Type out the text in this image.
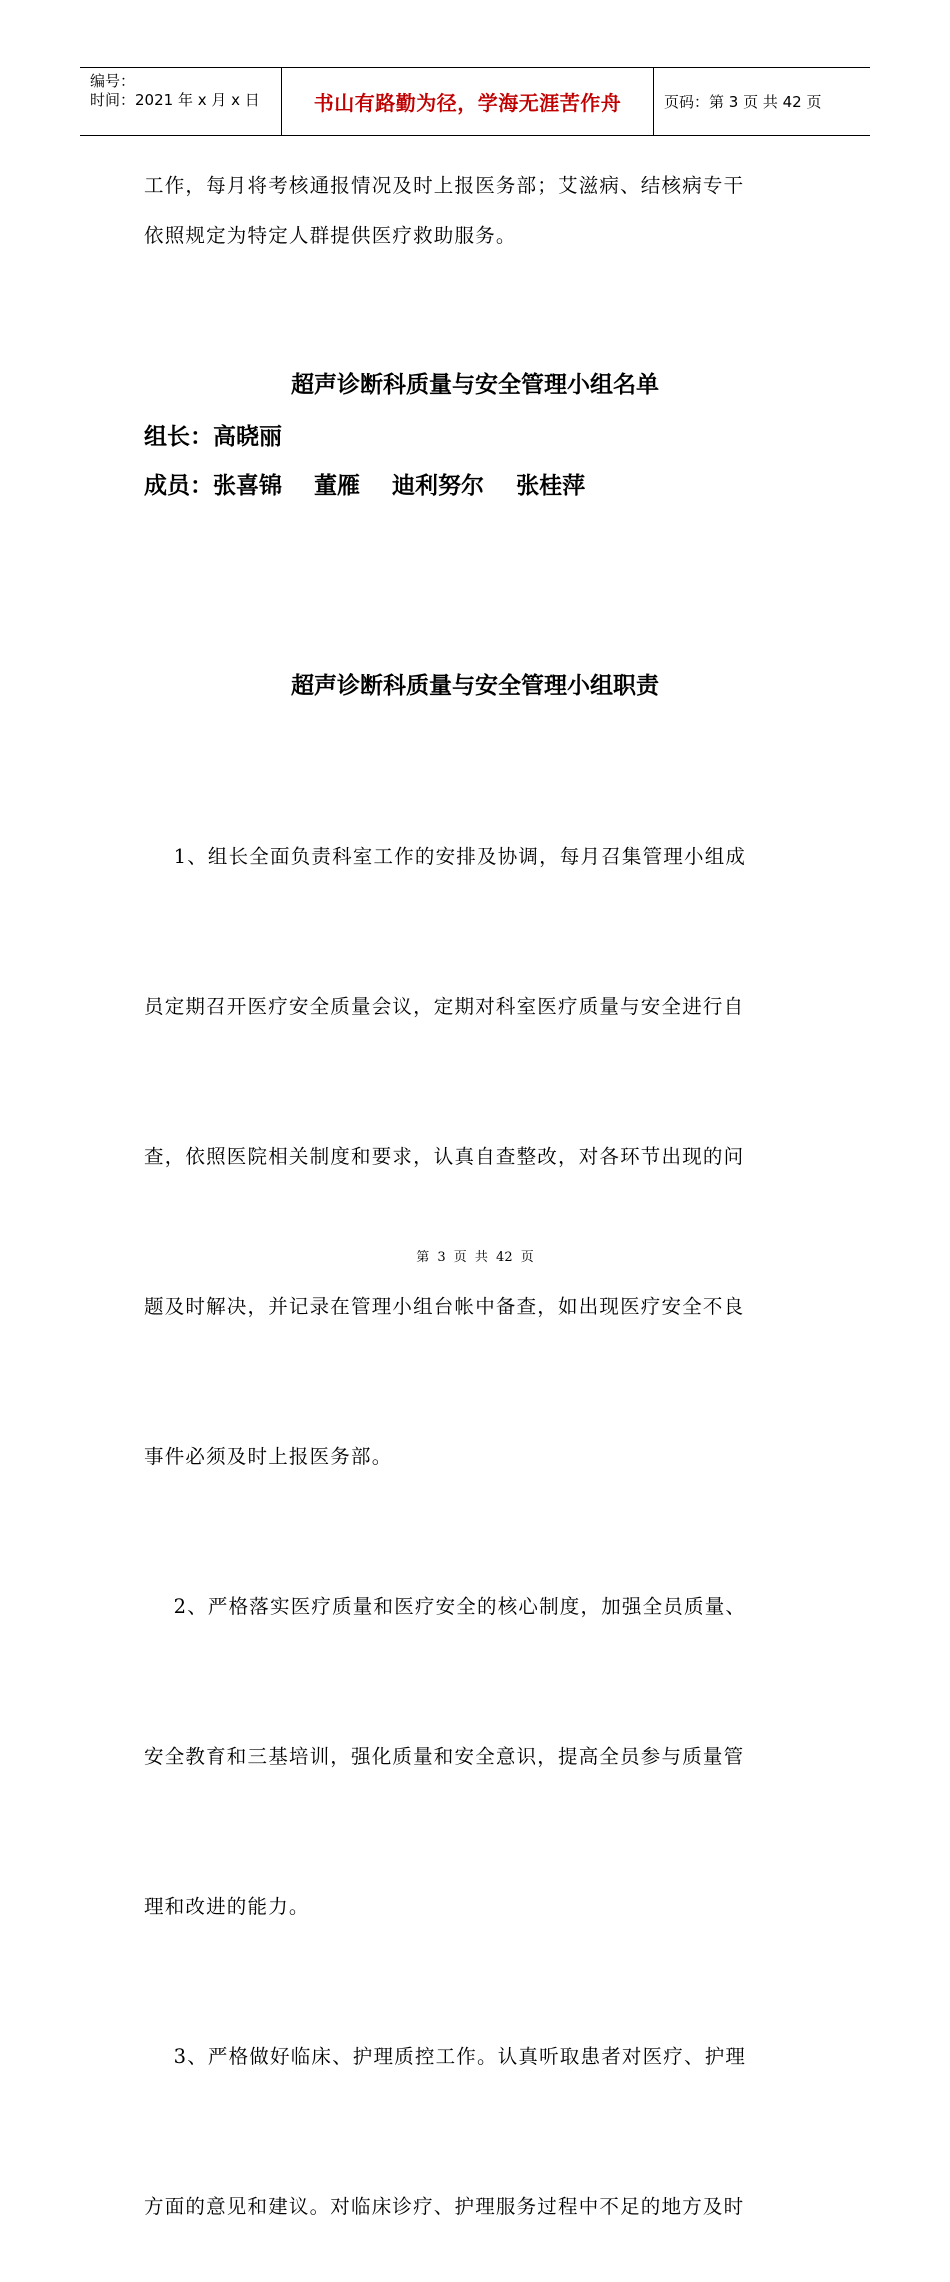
编号：
时间：2021 年 x 月 x 日	书山有路勤为径，学海无涯苦作舟	页码：第 3 页 共 42 页
工作，每月将考核通报情况及时上报医务部；艾滋病、结核病专干
依照规定为特定人群提供医疗救助服务。
超声诊断科质量与安全管理小组名单
组长：高晓丽
成员：张喜锦    董雁    迪利努尔    张桂萍
超声诊断科质量与安全管理小组职责

1、组长全面负责科室工作的安排及协调，每月召集管理小组成

员定期召开医疗安全质量会议，定期对科室医疗质量与安全进行自

查，依照医院相关制度和要求，认真自查整改，对各环节出现的问

题及时解决，并记录在管理小组台帐中备查，如出现医疗安全不良

事件必须及时上报医务部。

2、严格落实医疗质量和医疗安全的核心制度，加强全员质量、

安全教育和三基培训，强化质量和安全意识，提高全员参与质量管

理和改进的能力。

3、严格做好临床、护理质控工作。认真听取患者对医疗、护理

方面的意见和建议。对临床诊疗、护理服务过程中不足的地方及时

第 3 页 共 42 页
